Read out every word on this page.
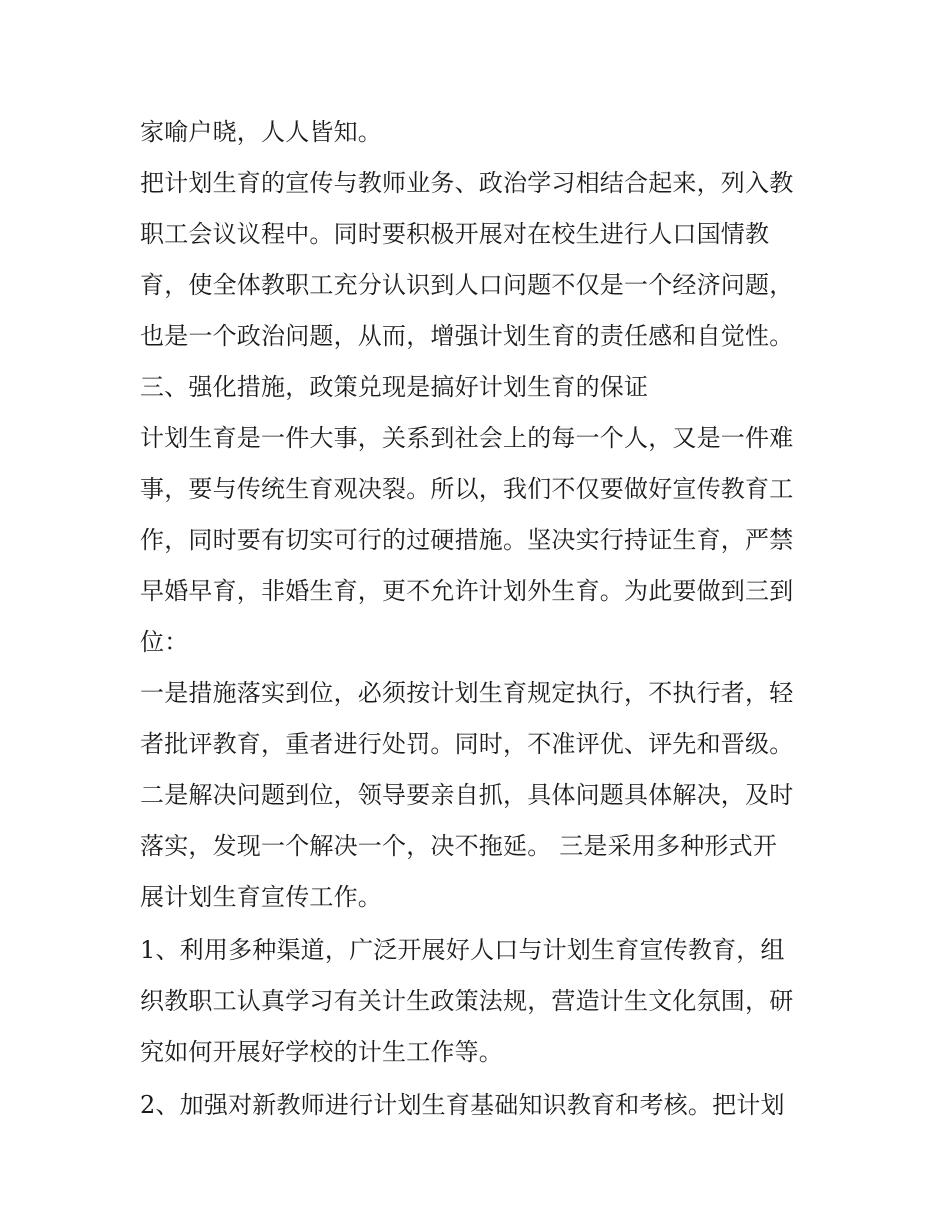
家喻户晓，人人皆知。
把计划生育的宣传与教师业务、政治学习相结合起来，列入教
职工会议议程中。同时要积极开展对在校生进行人口国情教
育，使全体教职工充分认识到人口问题不仅是一个经济问题，
也是一个政治问题，从而，增强计划生育的责任感和自觉性。
三、强化措施，政策兑现是搞好计划生育的保证
计划生育是一件大事，关系到社会上的每一个人，又是一件难
事，要与传统生育观决裂。所以，我们不仅要做好宣传教育工
作，同时要有切实可行的过硬措施。坚决实行持证生育，严禁
早婚早育，非婚生育，更不允许计划外生育。为此要做到三到
位：
一是措施落实到位，必须按计划生育规定执行，不执行者，轻
者批评教育，重者进行处罚。同时，不准评优、评先和晋级。
二是解决问题到位，领导要亲自抓，具体问题具体解决，及时
落实，发现一个解决一个，决不拖延。 三是采用多种形式开
展计划生育宣传工作。
1、利用多种渠道，广泛开展好人口与计划生育宣传教育，组
织教职工认真学习有关计生政策法规，营造计生文化氛围，研
究如何开展好学校的计生工作等。
2、加强对新教师进行计划生育基础知识教育和考核。把计划
